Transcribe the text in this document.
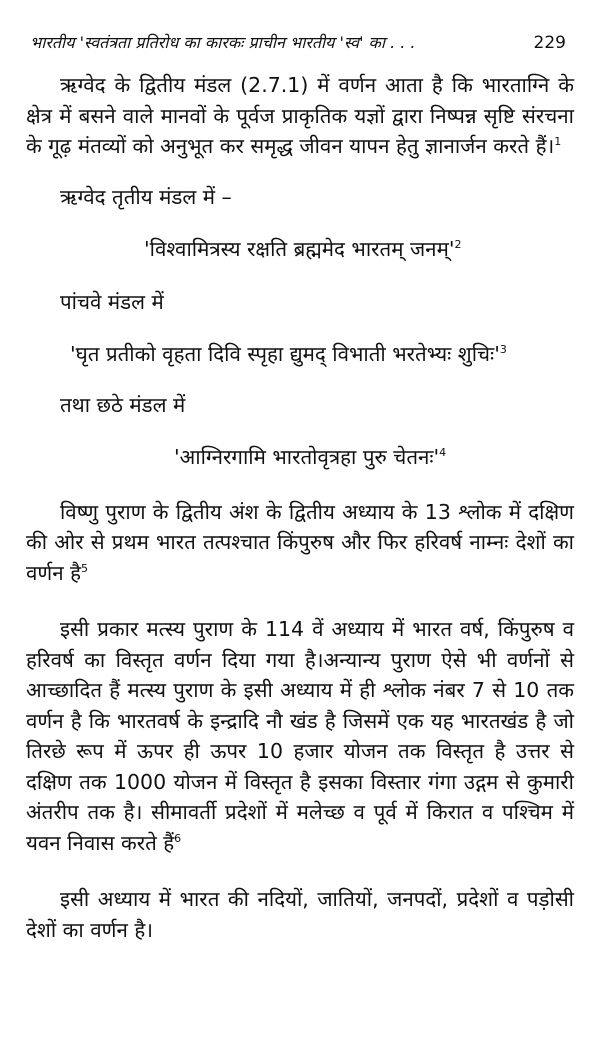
भारतीय 'स्वतंत्रता प्रतिरोध का कारकः प्राचीन भारतीय 'स्व' का . . .	229

ऋग्वेद के द्वितीय मंडल (2.7.1) में वर्णन आता है कि भारताग्नि के क्षेत्र में बसने वाले मानवों के पूर्वज प्राकृतिक यज्ञों द्वारा निष्पन्न सृष्टि संरचना के गूढ़ मंतव्यों को अनुभूत कर समृद्ध जीवन यापन हेतु ज्ञानार्जन करते हैं।$^1$

ऋग्वेद तृतीय मंडल में –

'विश्वामित्रस्य रक्षति ब्रह्ममेद भारतम् $जनम्'^2$

पांचवे मंडल में

'घृत प्रतीको वृहता दिवि स्पृहा द्युमद् विभाती भरतेभ्यः $शुचिः'^3$

तथा छठे मंडल में

'आग्निरगामि भारतोवृत्रहा पुरु $चेतनः'^4$

विष्णु पुराण के द्वितीय अंश के द्वितीय अध्याय के 13 श्लोक में दक्षिण की ओर से प्रथम भारत तत्पश्चात किंपुरुष और फिर हरिवर्ष नाम्नः देशों का वर्णन है$^5$

इसी प्रकार मत्स्य पुराण के 114 वें अध्याय में भारत वर्ष, किंपुरुष व हरिवर्ष का विस्तृत वर्णन दिया गया है।अन्यान्य पुराण ऐसे भी वर्णनों से आच्छादित हैं मत्स्य पुराण के इसी अध्याय में ही श्लोक नंबर 7 से 10 तक वर्णन है कि भारतवर्ष के इन्द्रादि नौ खंड है जिसमें एक यह भारतखंड है जो तिरछे रूप में ऊपर ही ऊपर 10 हजार योजन तक विस्तृत है उत्तर से दक्षिण तक 1000 योजन में विस्तृत है इसका विस्तार गंगा उद्गम से कुमारी अंतरीप तक है। सीमावर्ती प्रदेशों में मलेच्छ व पूर्व में किरात व पश्चिम में यवन निवास करते हैं$^6$

इसी अध्याय में भारत की नदियों, जातियों, जनपदों, प्रदेशों व पड़ोसी देशों का वर्णन है।
